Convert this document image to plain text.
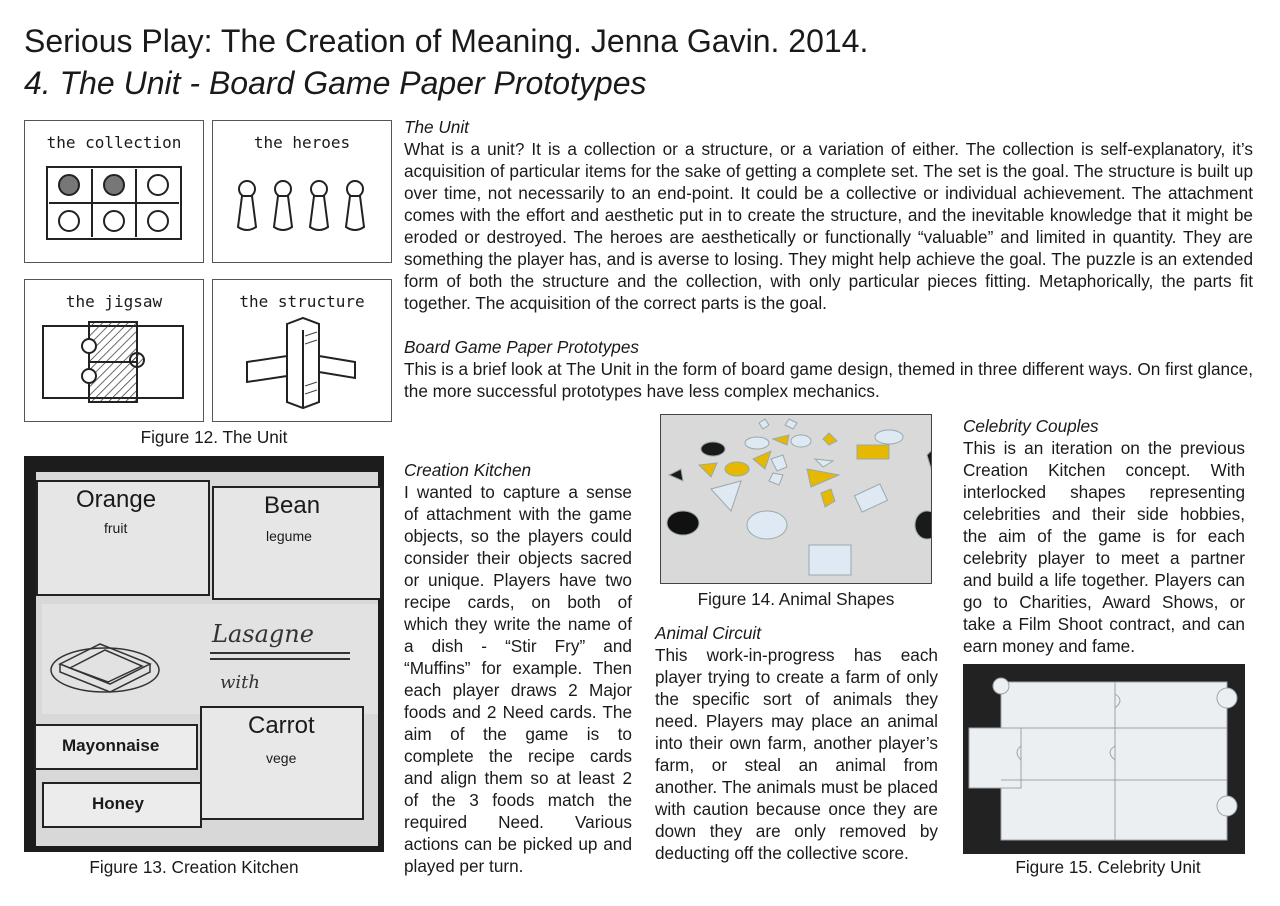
Serious Play: The Creation of Meaning. Jenna Gavin. 2014.
4. The Unit - Board Game Paper Prototypes
the collection	the heroes
the jigsaw	the structure
Figure 12. The Unit
The Unit
What is a unit? It is a collection or a structure, or a variation of either. The collection is self-explanatory, it’s acquisition of particular items for the sake of getting a complete set. The set is the goal. The structure is built up over time, not necessarily to an end-point. It could be a collective or individual achievement. The attachment comes with the effort and aesthetic put in to create the structure, and the inevitable knowledge that it might be eroded or destroyed. The heroes are aesthetically or functionally “valuable” and limited in quantity. They are something the player has, and is averse to losing. They might help achieve the goal. The puzzle is an extended form of both the structure and the collection, with only particular pieces fitting. Metaphorically, the parts fit together. The acquisition of the correct parts is the goal.
Board Game Paper Prototypes
This is a brief look at The Unit in the form of board game design, themed in three different ways. On first glance, the more successful prototypes have less complex mechanics.
Orange
fruit
Bean
legume
Lasagne
with
Carrot
vege
Mayonnaise
Honey
Figure 13. Creation Kitchen
Creation Kitchen
I wanted to capture a sense of attachment with the game objects, so the players could consider their objects sacred or unique. Players have two recipe cards, on both of which they write the name of a dish - “Stir Fry” and “Muffins” for example. Then each player draws 2 Major foods and 2 Need cards. The aim of the game is to complete the recipe cards and align them so at least 2 of the 3 foods match the required Need. Various actions can be picked up and played per turn.
Figure 14. Animal Shapes
Animal Circuit
This work-in-progress has each player trying to create a farm of only the specific sort of animals they need. Players may place an animal into their own farm, another player’s farm, or steal an animal from another. The animals must be placed with caution because once they are down they are only removed by deducting off the collective score.
Celebrity Couples
This is an iteration on the previous Creation Kitchen concept. With interlocked shapes representing celebrities and their side hobbies, the aim of the game is for each celebrity player to meet a partner and build a life together. Players can go to Charities, Award Shows, or take a Film Shoot contract, and can earn money and fame.
Figure 15. Celebrity Unit
